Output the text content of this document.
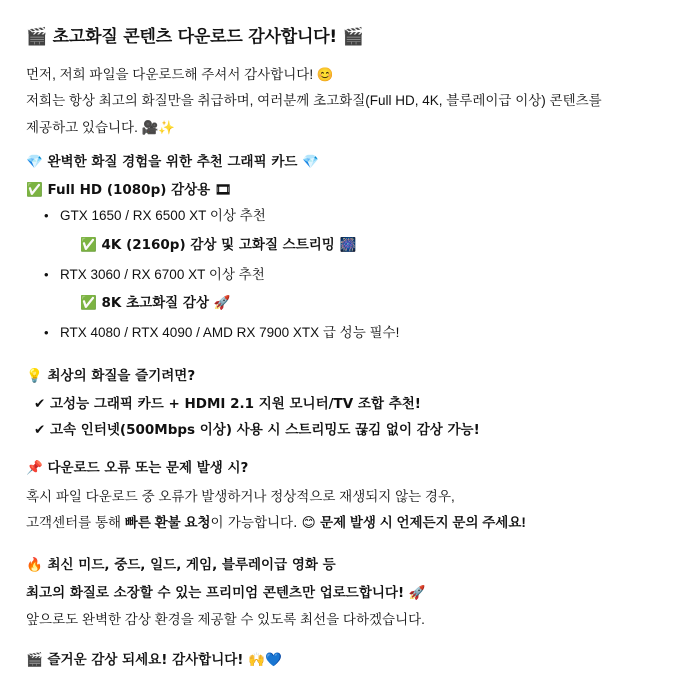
🎬 초고화질 콘텐츠 다운로드 감사합니다! 🎬

먼저, 저희 파일을 다운로드해 주셔서 감사합니다! 😊

저희는 항상 최고의 화질만을 취급하며, 여러분께 초고화질(Full HD, 4K, 블루레이급 이상) 콘텐츠를

제공하고 있습니다. 🎥✨

💎 완벽한 화질 경험을 위한 추천 그래픽 카드 💎
✅ Full HD (1080p) 감상용 🎞
• GTX 1650 / RX 6500 XT 이상 추천
✅ 4K (2160p) 감상 및 고화질 스트리밍 🎆
• RTX 3060 / RX 6700 XT 이상 추천
✅ 8K 초고화질 감상 🚀
• RTX 4080 / RTX 4090 / AMD RX 7900 XTX 급 성능 필수!
💡 최상의 화질을 즐기려면?
✔ 고성능 그래픽 카드 + HDMI 2.1 지원 모니터/TV 조합 추천!
✔ 고속 인터넷(500Mbps 이상) 사용 시 스트리밍도 끊김 없이 감상 가능!
📌 다운로드 오류 또는 문제 발생 시?

혹시 파일 다운로드 중 오류가 발생하거나 정상적으로 재생되지 않는 경우,

고객센터를 통해 빠른 환불 요청이 가능합니다. 😊 문제 발생 시 언제든지 문의 주세요!

🔥 최신 미드, 중드, 일드, 게임, 블루레이급 영화 등

최고의 화질로 소장할 수 있는 프리미엄 콘텐츠만 업로드합니다! 🚀

앞으로도 완벽한 감상 환경을 제공할 수 있도록 최선을 다하겠습니다.

🎬 즐거운 감상 되세요! 감사합니다! 🙌💙
